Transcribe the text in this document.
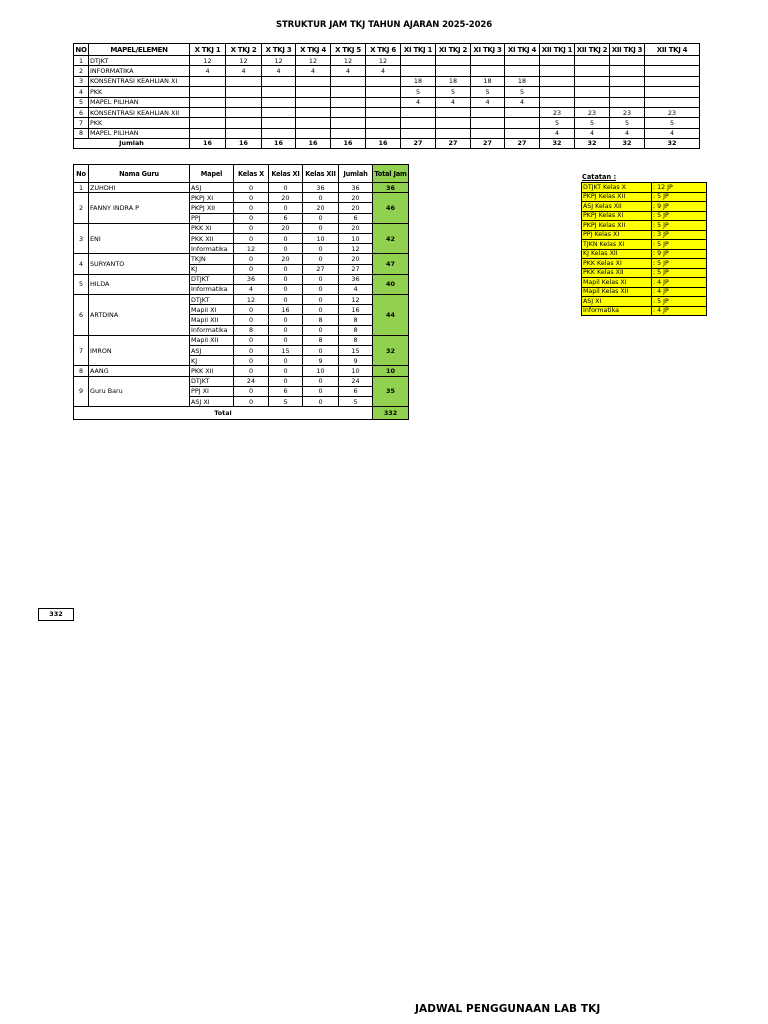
STRUKTUR JAM TKJ TAHUN AJARAN 2025-2026
NO	MAPEL/ELEMEN	X TKJ 1	X TKJ 2	X TKJ 3	X TKJ 4	X TKJ 5	X TKJ 6	XI TKJ 1	XI TKJ 2	XI TKJ 3	XI TKJ 4	XII TKJ 1	XII TKJ 2	XII TKJ 3	XII TKJ 4
1	DTJKT	12	12	12	12	12	12								
2	INFORMATIKA	4	4	4	4	4	4								
3	KONSENTRASI KEAHLIAN XI							18	18	18	18				
4	PKK							5	5	5	5				
5	MAPEL PILIHAN							4	4	4	4				
6	KONSENTRASI KEAHLIAN XII											23	23	23	23
7	PKK											5	5	5	5
8	MAPEL PILIHAN											4	4	4	4
Jumlah		16	16	16	16	16	16	27	27	27	27	32	32	32	32
No	Nama Guru	Mapel	Kelas X	Kelas XI	Kelas XII	Jumlah	Total Jam
1	ZUHDHI	ASJ	0	0	36	36	36
2	FANNY INDRA P	PKPJ XI	0	20	0	20	46
		PKPJ XII	0	0	20	20	
		PPJ	0	6	0	6	
3	ENI	PKK XI	0	20	0	20	42
		PKK XII	0	0	10	10	
		Informatika	12	0	0	12	
4	SURYANTO	TKJN	0	20	0	20	47
		KJ	0	0	27	27	
5	HILDA	DTJKT	36	0	0	36	40
		Informatika	4	0	0	4	
6	ARTDINA	DTJKT	12	0	0	12	44
		Mapil XI	0	16	0	16	
		Mapil XII	0	0	8	8	
		Informatika	8	0	0	8	
7	IMRON	Mapil XII	0	0	8	8	32
		ASJ	0	15	0	15	
		KJ	0	0	9	9	
8	AANG	PKK XII	0	0	10	10	10
9	Guru Baru	DTJKT	24	0	0	24	35
		PPJ XI	0	6	0	6	
		ASJ XI	0	5	0	5	
Total							332
Catatan :
DTJKT Kelas X	: 12 JP
PKPJ Kelas XII	: 5 JP
ASJ Kelas XII	: 9 JP
PKPJ Kelas XI	: 5 JP
PKPJ Kelas XII	: 5 JP
PPJ Kelas XI	: 3 JP
TJKN Kelas XI	: 5 JP
KJ Kelas XII	: 9 JP
PKK Kelas XI	: 5 JP
PKK Kelas XII	: 5 JP
Mapil Kelas XI	: 4 JP
Mapil Kelas XII	: 4 JP
ASJ XI	: 5 JP
Informatika	: 4 JP
332
JADWAL PENGGUNAAN LAB TKJ
